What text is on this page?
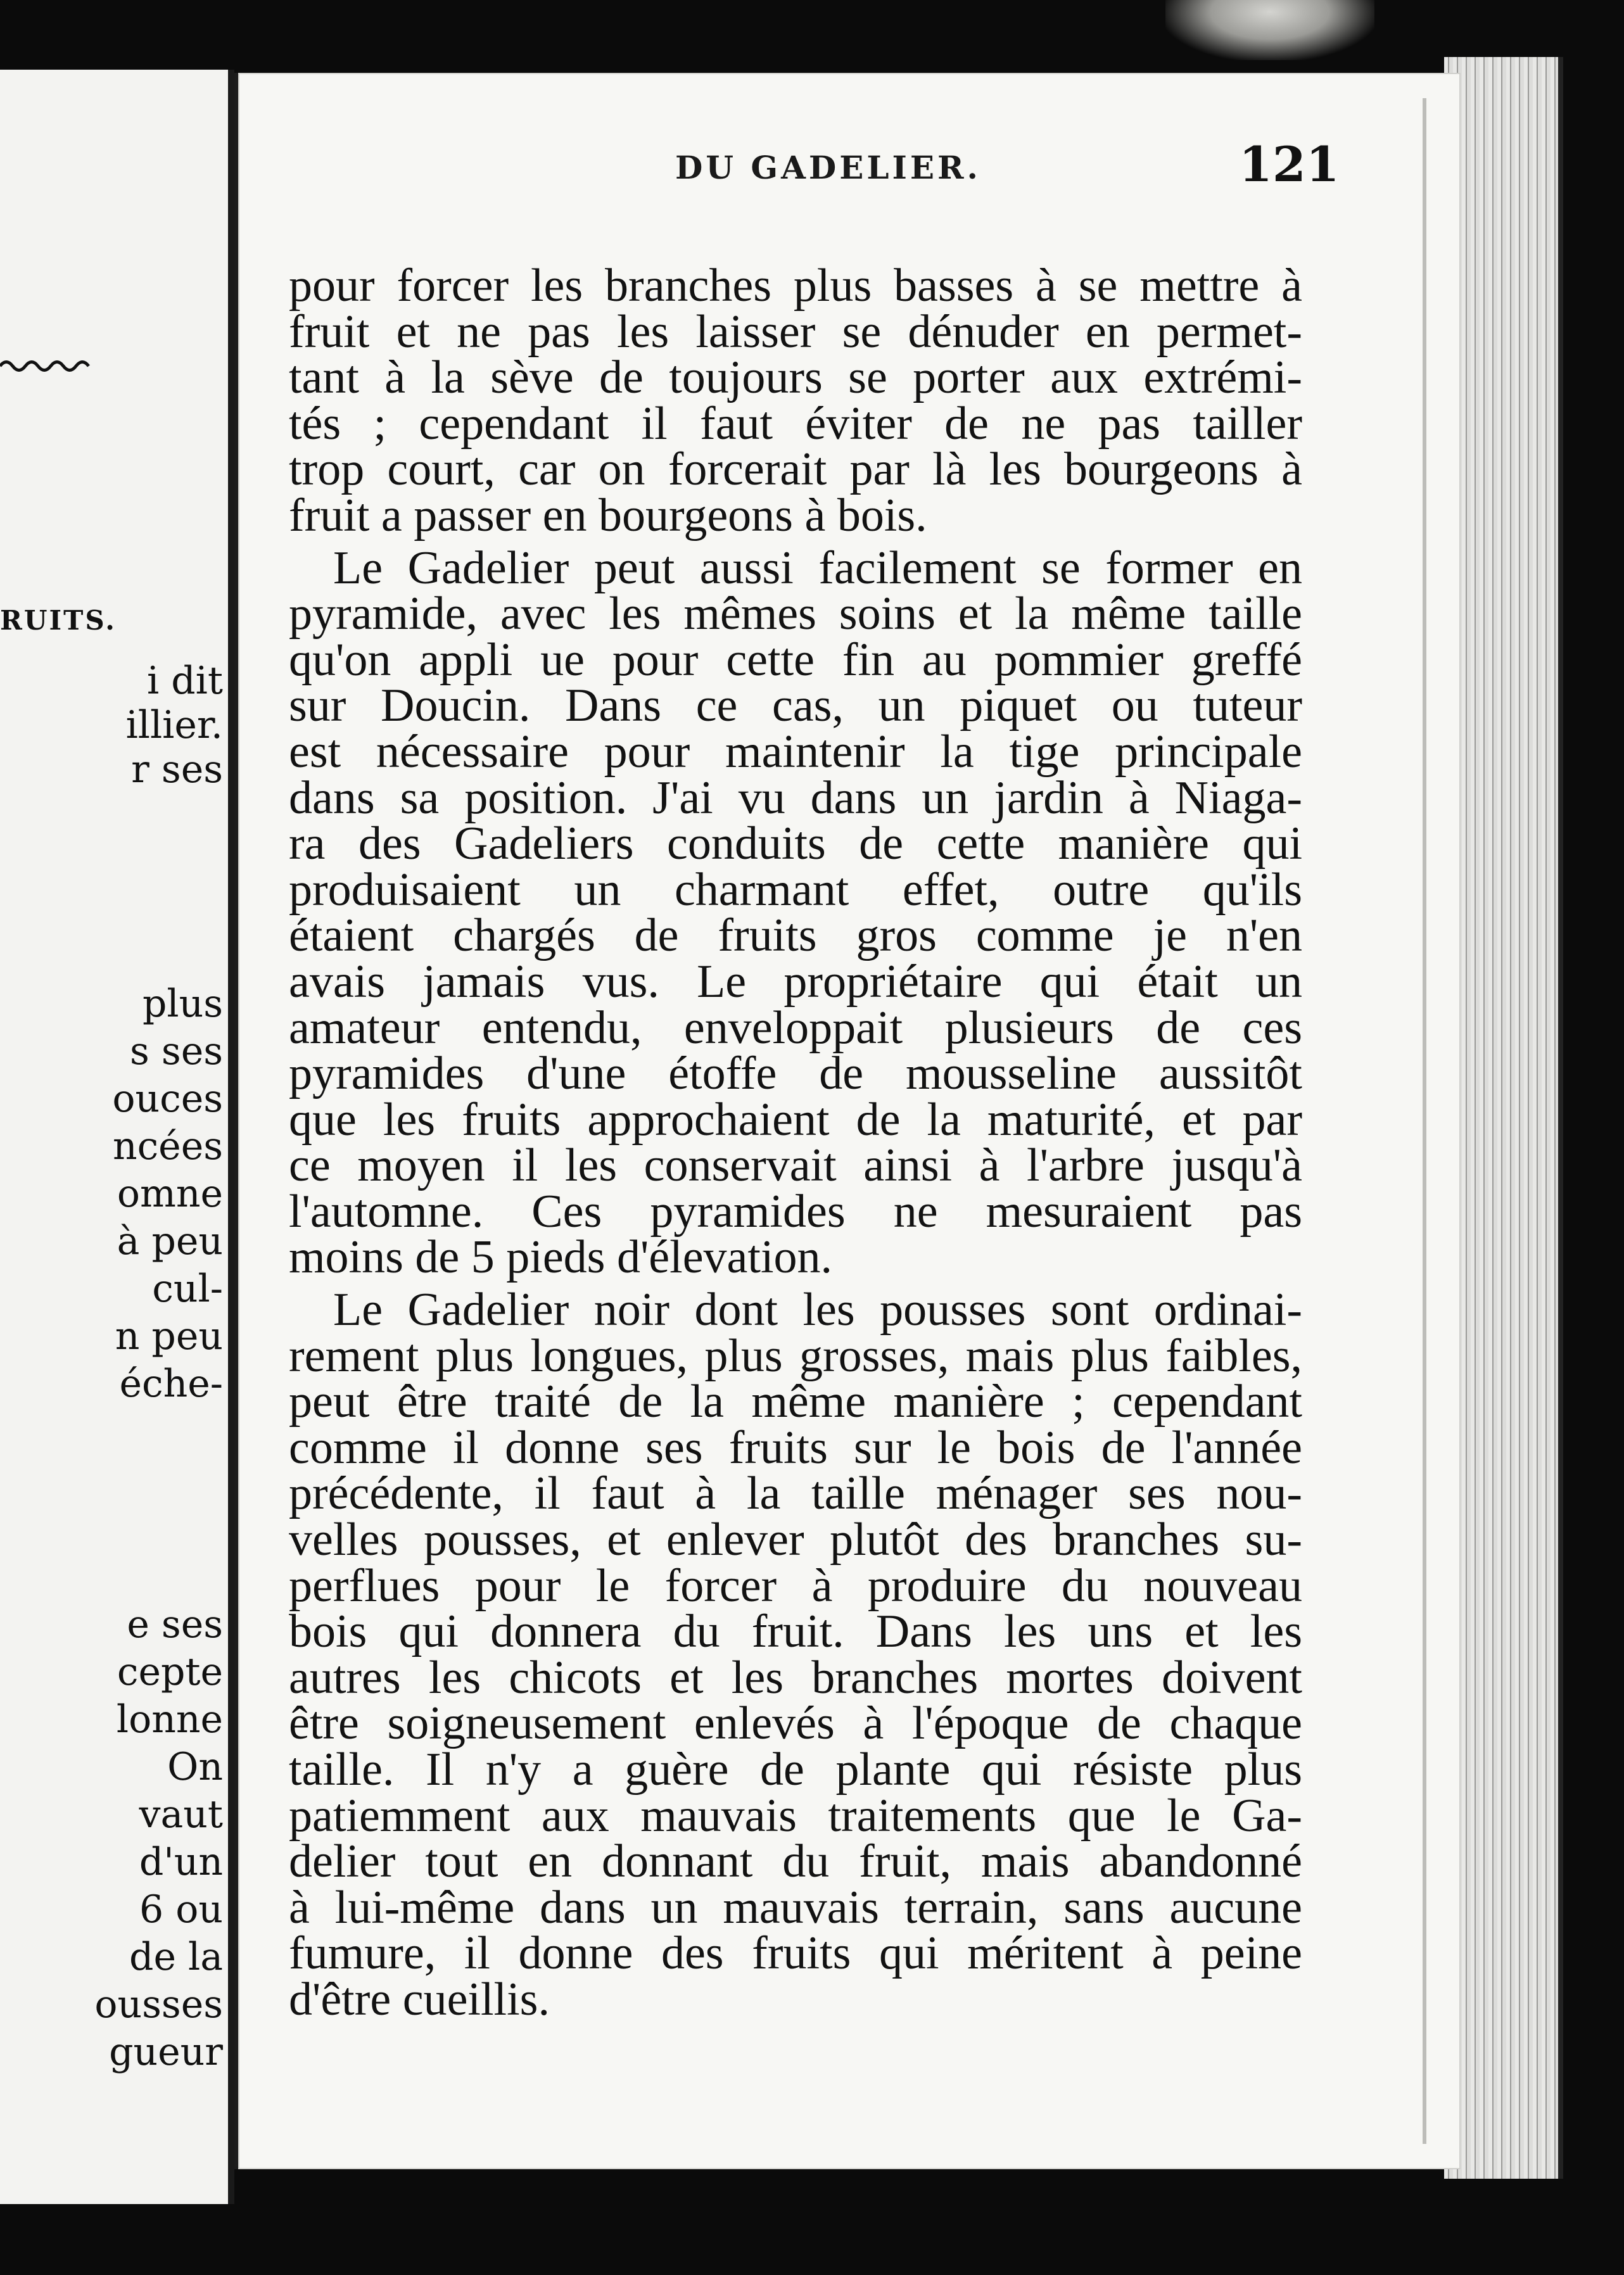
RUITS.
i dit
illier.
r ses
plus
s ses
ouces
ncées
omne
à peu
cul-
n peu
éche-
e ses
cepte
lonne
On
vaut
d'un
6 ou
de la
ousses
gueur
DU GADELIER.	121
pour forcer les branches plus basses à se mettre à
fruit et ne pas les laisser se dénuder en permet-
tant à la sève de toujours se porter aux extrémi-
tés ; cependant il faut éviter de ne pas tailler
trop court, car on forcerait par là les bourgeons à
fruit a passer en bourgeons à bois.
Le Gadelier peut aussi facilement se former en
pyramide, avec les mêmes soins et la même taille
qu'on appli ue pour cette fin au pommier greffé
sur Doucin. Dans ce cas, un piquet ou tuteur
est nécessaire pour maintenir la tige principale
dans sa position. J'ai vu dans un jardin à Niaga-
ra des Gadeliers conduits de cette manière qui
produisaient un charmant effet, outre qu'ils
étaient chargés de fruits gros comme je n'en
avais jamais vus. Le propriétaire qui était un
amateur entendu, enveloppait plusieurs de ces
pyramides d'une étoffe de mousseline aussitôt
que les fruits approchaient de la maturité, et par
ce moyen il les conservait ainsi à l'arbre jusqu'à
l'automne. Ces pyramides ne mesuraient pas
moins de 5 pieds d'élevation.
Le Gadelier noir dont les pousses sont ordinai-
rement plus longues, plus grosses, mais plus faibles,
peut être traité de la même manière ; cependant
comme il donne ses fruits sur le bois de l'année
précédente, il faut à la taille ménager ses nou-
velles pousses, et enlever plutôt des branches su-
perflues pour le forcer à produire du nouveau
bois qui donnera du fruit. Dans les uns et les
autres les chicots et les branches mortes doivent
être soigneusement enlevés à l'époque de chaque
taille. Il n'y a guère de plante qui résiste plus
patiemment aux mauvais traitements que le Ga-
delier tout en donnant du fruit, mais abandonné
à lui-même dans un mauvais terrain, sans aucune
fumure, il donne des fruits qui méritent à peine
d'être cueillis.
